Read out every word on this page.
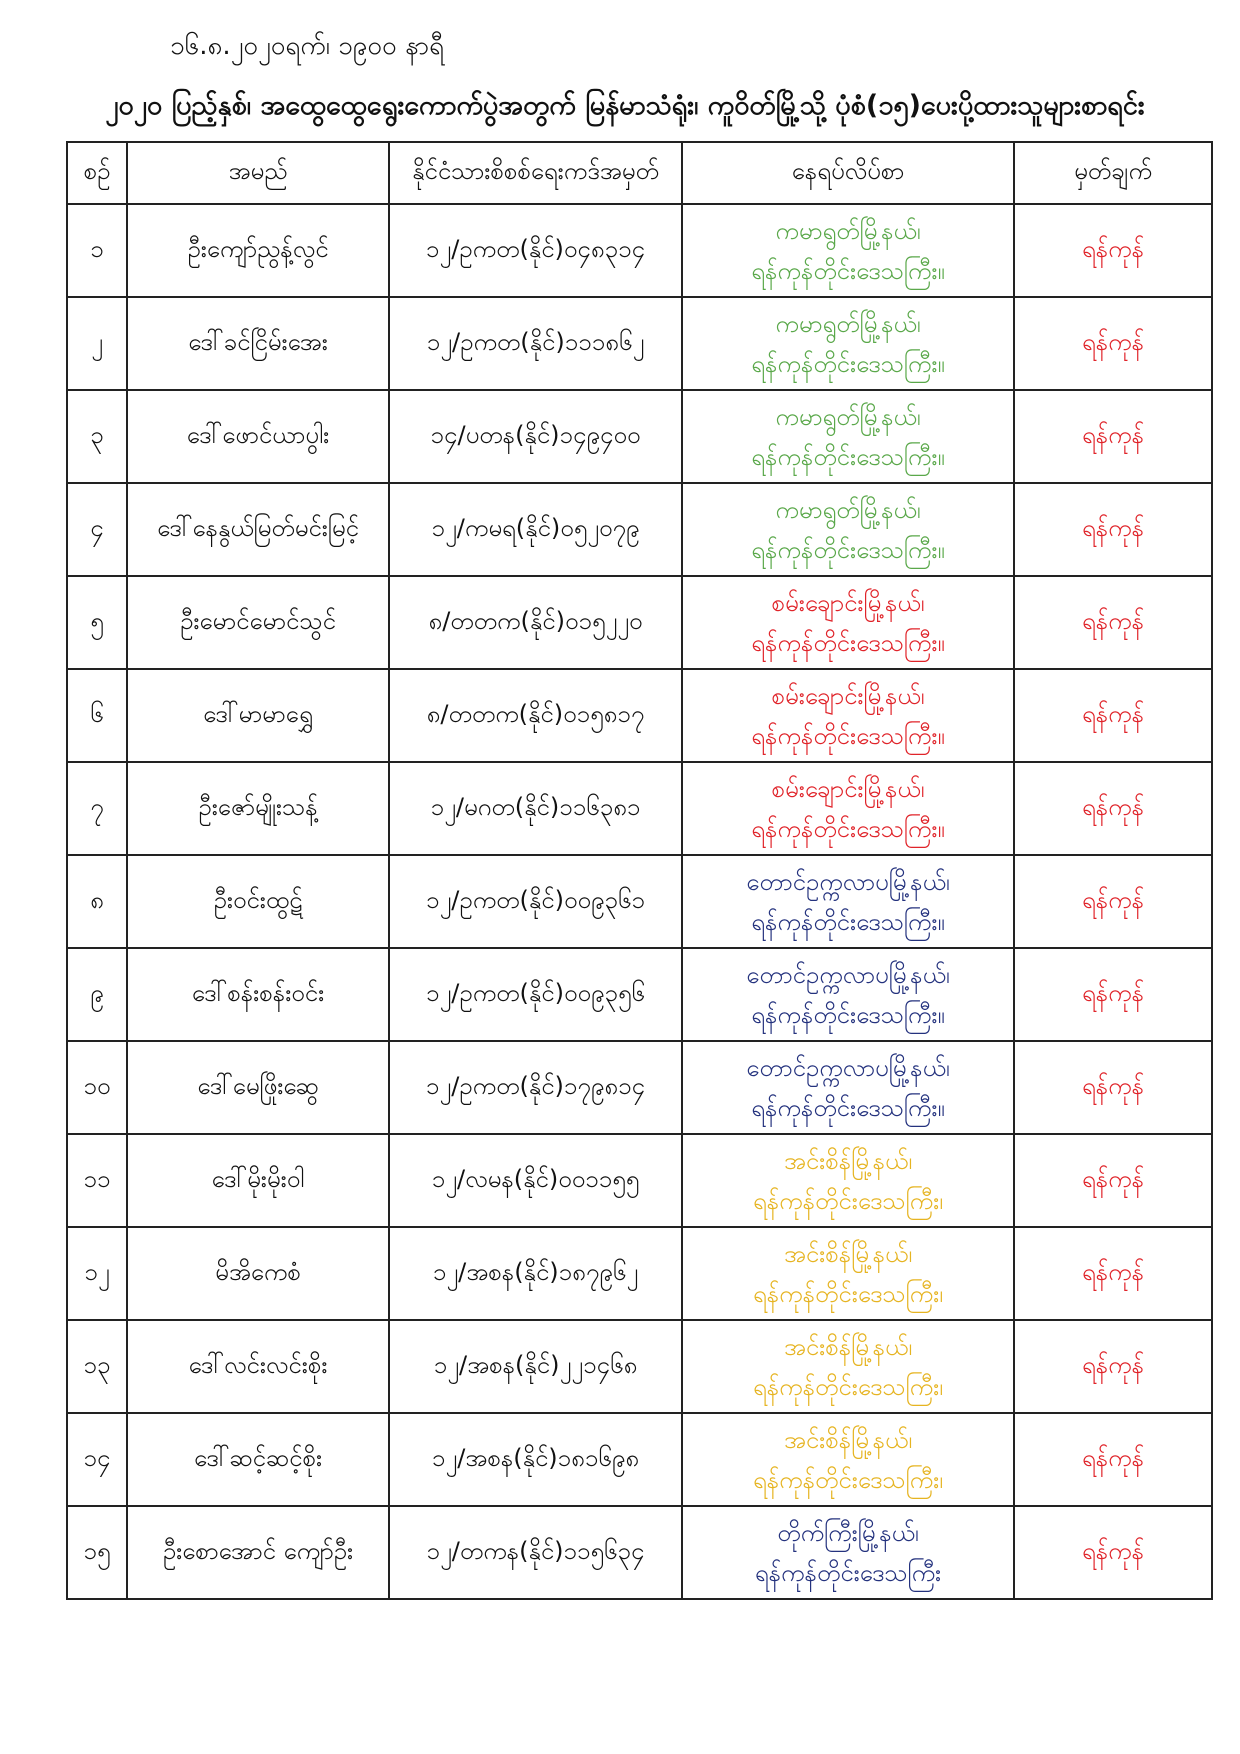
၁၆.၈.၂၀၂၀ရက်၊ ၁၉၀၀ နာရီ
၂၀၂၀ ပြည့်နှစ်၊ အထွေထွေရွေးကောက်ပွဲအတွက် မြန်မာသံရုံး၊ ကူဝိတ်မြို့သို့ ပုံစံ(၁၅)ပေးပို့ထားသူများစာရင်း
စဉ်	အမည်	နိုင်ငံသားစိစစ်ရေးကဒ်အမှတ်	နေရပ်လိပ်စာ	မှတ်ချက်
၁	ဦးကျော်ညွန့်လွင်	၁၂/ဥကတ(နိုင်)၀၄၈၃၁၄	ကမာရွတ်မြို့နယ်၊
ရန်ကုန်တိုင်းဒေသကြီး။	ရန်ကုန်
၂	ဒေါ်ခင်ငြိမ်းအေး	၁၂/ဥကတ(နိုင်)၁၁၁၈၆၂	ကမာရွတ်မြို့နယ်၊
ရန်ကုန်တိုင်းဒေသကြီး။	ရန်ကုန်
၃	ဒေါ်ဖောင်ယာပွါး	၁၄/ပတန(နိုင်)၁၄၉၄၀၀	ကမာရွတ်မြို့နယ်၊
ရန်ကုန်တိုင်းဒေသကြီး။	ရန်ကုန်
၄	ဒေါ်နေနွယ်မြတ်မင်းမြင့်	၁၂/ကမရ(နိုင်)၀၅၂၀၇၉	ကမာရွတ်မြို့နယ်၊
ရန်ကုန်တိုင်းဒေသကြီး။	ရန်ကုန်
၅	ဦးမောင်မောင်သွင်	၈/တတက(နိုင်)၀၁၅၂၂၀	စမ်းချောင်းမြို့နယ်၊
ရန်ကုန်တိုင်းဒေသကြီး။	ရန်ကုန်
၆	ဒေါ်မာမာရွှေ	၈/တတက(နိုင်)၀၁၅၈၁၇	စမ်းချောင်းမြို့နယ်၊
ရန်ကုန်တိုင်းဒေသကြီး။	ရန်ကုန်
၇	ဦးဇော်မျိုးသန့်	၁၂/မဂတ(နိုင်)၁၁၆၃၈၁	စမ်းချောင်းမြို့နယ်၊
ရန်ကုန်တိုင်းဒေသကြီး။	ရန်ကုန်
၈	ဦးဝင်းထွဋ်	၁၂/ဥကတ(နိုင်)၀၀၉၃၆၁	တောင်ဥက္ကလာပမြို့နယ်၊
ရန်ကုန်တိုင်းဒေသကြီး။	ရန်ကုန်
၉	ဒေါ်စန်းစန်းဝင်း	၁၂/ဥကတ(နိုင်)၀၀၉၃၅၆	တောင်ဥက္ကလာပမြို့နယ်၊
ရန်ကုန်တိုင်းဒေသကြီး။	ရန်ကုန်
၁၀	ဒေါ်မေဖြိုးဆွေ	၁၂/ဥကတ(နိုင်)၁၇၉၈၁၄	တောင်ဥက္ကလာပမြို့နယ်၊
ရန်ကုန်တိုင်းဒေသကြီး။	ရန်ကုန်
၁၁	ဒေါ်မိုးမိုးဝါ	၁၂/လမန(နိုင်)၀၀၁၁၅၅	အင်းစိန်မြို့နယ်၊
ရန်ကုန်တိုင်းဒေသကြီး၊	ရန်ကုန်
၁၂	မိအိကေစံ	၁၂/အစန(နိုင်)၁၈၇၉၆၂	အင်းစိန်မြို့နယ်၊
ရန်ကုန်တိုင်းဒေသကြီး၊	ရန်ကုန်
၁၃	ဒေါ်လင်းလင်းစိုး	၁၂/အစန(နိုင်)၂၂၁၄၆၈	အင်းစိန်မြို့နယ်၊
ရန်ကုန်တိုင်းဒေသကြီး၊	ရန်ကုန်
၁၄	ဒေါ်ဆင့်ဆင့်စိုး	၁၂/အစန(နိုင်)၁၈၁၆၉၈	အင်းစိန်မြို့နယ်၊
ရန်ကုန်တိုင်းဒေသကြီး၊	ရန်ကုန်
၁၅	ဦးစောအောင် ကျော်ဦး	၁၂/တကန(နိုင်)၁၁၅၆၃၄	တိုက်ကြီးမြို့နယ်၊
ရန်ကုန်တိုင်းဒေသကြီး	ရန်ကုန်
